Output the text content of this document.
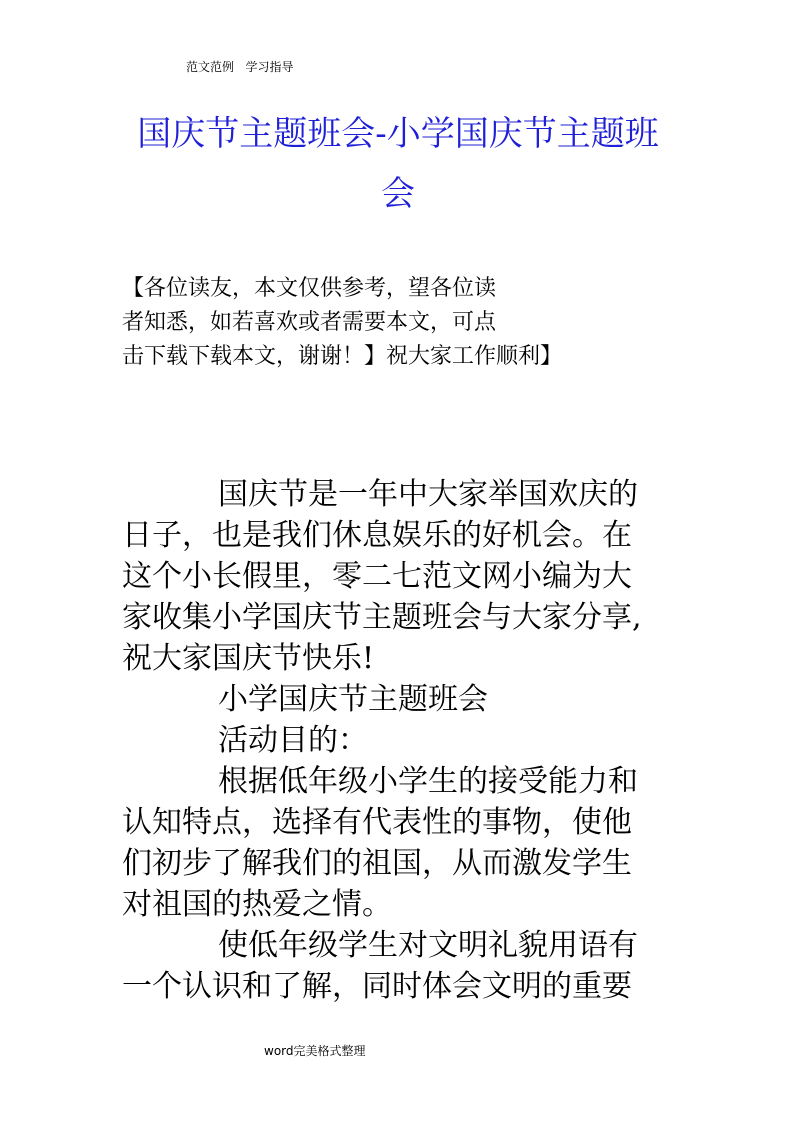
范文范例   学习指导
国庆节主题班会-小学国庆节主题班
会
【各位读友，本文仅供参考，望各位读
者知悉，如若喜欢或者需要本文，可点
击下载下载本文，谢谢！】祝大家工作顺利】
国庆节是一年中大家举国欢庆的
日子，也是我们休息娱乐的好机会。在
这个小长假里，零二七范文网小编为大
家收集小学国庆节主题班会与大家分享,
祝大家国庆节快乐!
小学国庆节主题班会
活动目的：
根据低年级小学生的接受能力和
认知特点，选择有代表性的事物，使他
们初步了解我们的祖国，从而激发学生
对祖国的热爱之情。
使低年级学生对文明礼貌用语有
一个认识和了解，同时体会文明的重要
word完美格式整理
